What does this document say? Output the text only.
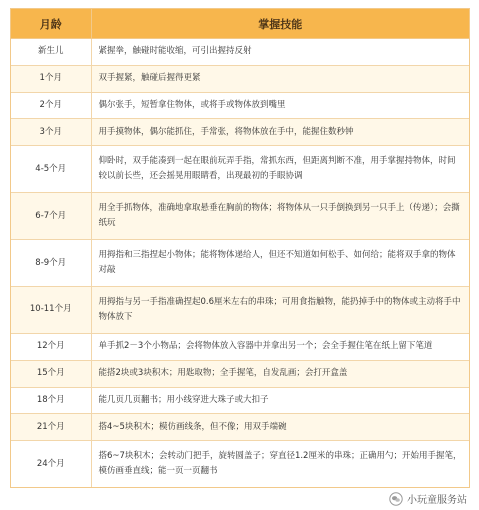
月龄	掌握技能
新生儿	紧握拳，触碰时能收缩，可引出握持反射
1个月	双手握紧，触碰后握得更紧
2个月	偶尔张手，短暂拿住物体，或将手或物体放到嘴里
3个月	用手摸物体，偶尔能抓住，手常张，将物体放在手中，能握住数秒钟
4-5个月	仰卧时，双手能凑到一起在眼前玩弄手指，常抓东西，但距离判断不准，用手掌握持物体，时间较以前长些，还会摇晃用眼睛看，出现最初的手眼协调
6-7个月	用全手抓物体，准确地拿取悬垂在胸前的物体；将物体从一只手倒换到另一只手上（传递）；会撕纸玩
8-9个月	用拇指和三指捏起小物体；能将物体递给人，但还不知道如何松手、如何给；能将双手拿的物体对敲
10-11个月	用拇指与另一手指准确捏起0.6厘米左右的串珠；可用食指触物，能扔掉手中的物体或主动将手中物体放下
12个月	单手抓2－3个小物品；会将物体放入容器中并拿出另一个；会全手握住笔在纸上留下笔道
15个月	能搭2块或3块积木；用匙取物；全手握笔，自发乱画；会打开盒盖
18个月	能几页几页翻书；用小线穿进大珠子或大扣子
21个月	搭4~5块积木；模仿画线条，但不像；用双手端碗
24个月	搭6~7块积木；会转动门把手，旋转圆盖子；穿直径1.2厘米的串珠；正确用勺；开始用手握笔，模仿画垂直线；能一页一页翻书
小玩童服务站
